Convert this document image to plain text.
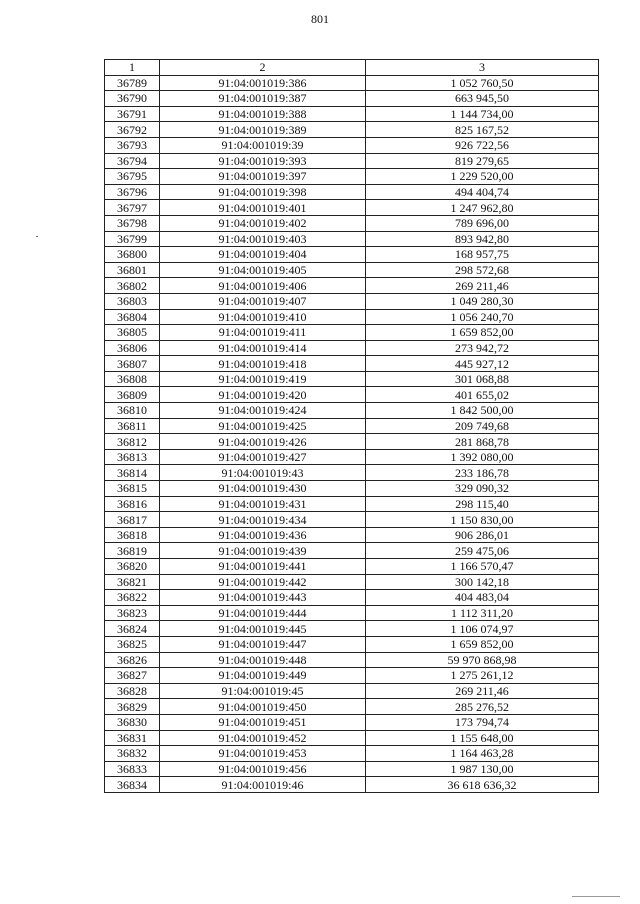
801
1	2	3
36789	91:04:001019:386	1 052 760,50
36790	91:04:001019:387	663 945,50
36791	91:04:001019:388	1 144 734,00
36792	91:04:001019:389	825 167,52
36793	91:04:001019:39	926 722,56
36794	91:04:001019:393	819 279,65
36795	91:04:001019:397	1 229 520,00
36796	91:04:001019:398	494 404,74
36797	91:04:001019:401	1 247 962,80
36798	91:04:001019:402	789 696,00
36799	91:04:001019:403	893 942,80
36800	91:04:001019:404	168 957,75
36801	91:04:001019:405	298 572,68
36802	91:04:001019:406	269 211,46
36803	91:04:001019:407	1 049 280,30
36804	91:04:001019:410	1 056 240,70
36805	91:04:001019:411	1 659 852,00
36806	91:04:001019:414	273 942,72
36807	91:04:001019:418	445 927,12
36808	91:04:001019:419	301 068,88
36809	91:04:001019:420	401 655,02
36810	91:04:001019:424	1 842 500,00
36811	91:04:001019:425	209 749,68
36812	91:04:001019:426	281 868,78
36813	91:04:001019:427	1 392 080,00
36814	91:04:001019:43	233 186,78
36815	91:04:001019:430	329 090,32
36816	91:04:001019:431	298 115,40
36817	91:04:001019:434	1 150 830,00
36818	91:04:001019:436	906 286,01
36819	91:04:001019:439	259 475,06
36820	91:04:001019:441	1 166 570,47
36821	91:04:001019:442	300 142,18
36822	91:04:001019:443	404 483,04
36823	91:04:001019:444	1 112 311,20
36824	91:04:001019:445	1 106 074,97
36825	91:04:001019:447	1 659 852,00
36826	91:04:001019:448	59 970 868,98
36827	91:04:001019:449	1 275 261,12
36828	91:04:001019:45	269 211,46
36829	91:04:001019:450	285 276,52
36830	91:04:001019:451	173 794,74
36831	91:04:001019:452	1 155 648,00
36832	91:04:001019:453	1 164 463,28
36833	91:04:001019:456	1 987 130,00
36834	91:04:001019:46	36 618 636,32
